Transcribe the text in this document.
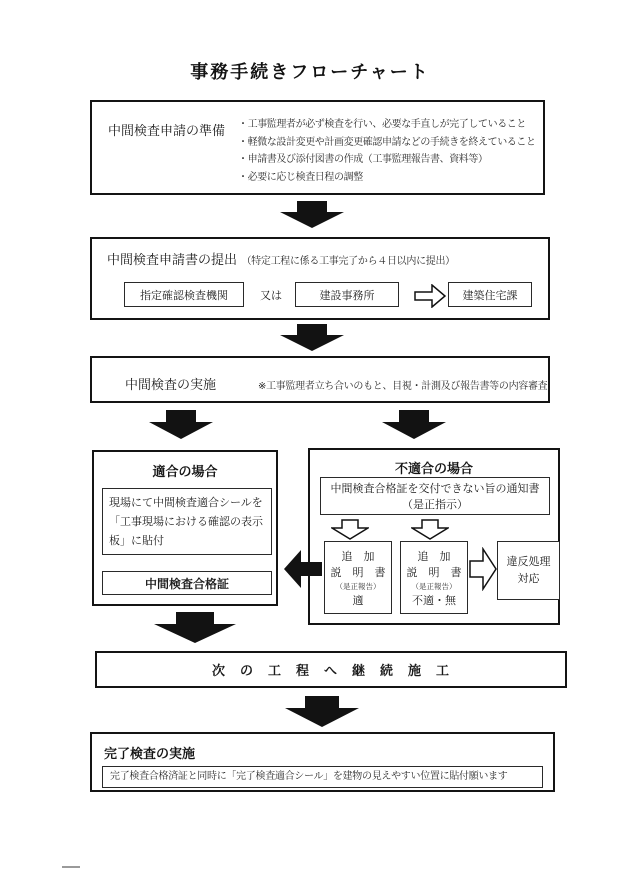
事務手続きフローチャート
中間検査申請の準備 ・工事監理者が必ず検査を行い、必要な手直しが完了していること
・軽微な設計変更や計画変更確認申請などの手続きを終えていること
・申請書及び添付図書の作成（工事監理報告書、資料等）
・必要に応じ検査日程の調整
中間検査申請書の提出 （特定工程に係る工事完了から４日以内に提出）
指定確認検査機関	又は	建設事務所	建築住宅課
中間検査の実施	※工事監理者立ち合いのもと、目視・計測及び報告書等の内容審査
適合の場合
現場にて中間検査適合シールを「工事現場における確認の表示板」に貼付
中間検査合格証
不適合の場合
中間検査合格証を交付できない旨の通知書
（是正指示）
追　加
説　明　書
（是正報告）
適
追　加
説　明　書
（是正報告）
不適・無
違反処理
対応
次　の　工　程　へ　継　続　施　工
完了検査の実施
完了検査合格済証と同時に「完了検査適合シール」を建物の見えやすい位置に貼付願います
